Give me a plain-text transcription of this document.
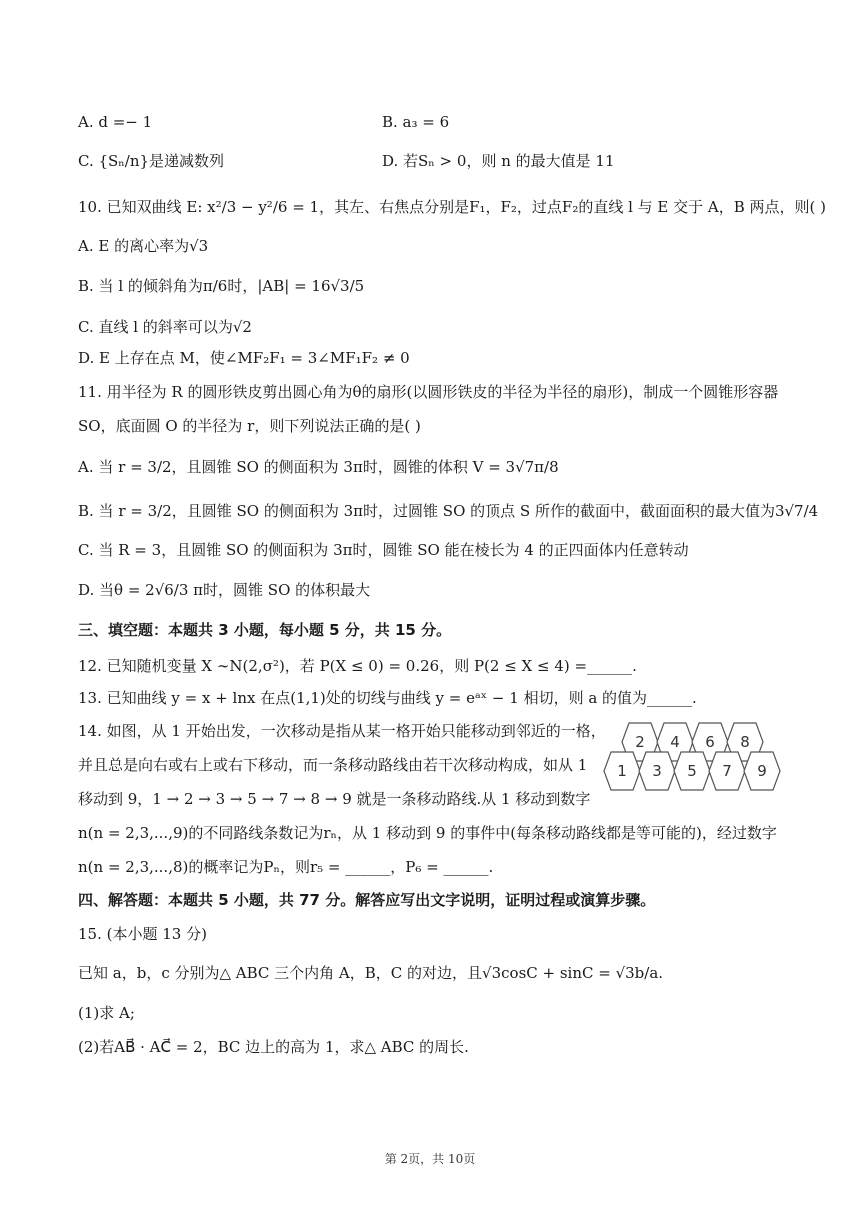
A. d =− 1	B. a₃ = 6
C. {Sₙ/n}是递减数列	D. 若Sₙ > 0，则 n 的最大值是 11
10. 已知双曲线 E: x²/3 − y²/6 = 1，其左、右焦点分别是F₁，F₂，过点F₂的直线 l 与 E 交于 A，B 两点，则( )
A. E 的离心率为√3
B. 当 l 的倾斜角为π/6时，|AB| = 16√3/5
C. 直线 l 的斜率可以为√2
D. E 上存在点 M，使∠MF₂F₁ = 3∠MF₁F₂ ≠ 0
11. 用半径为 R 的圆形铁皮剪出圆心角为θ的扇形(以圆形铁皮的半径为半径的扇形)，制成一个圆锥形容器
SO，底面圆 O 的半径为 r，则下列说法正确的是( )
A. 当 r = 3/2，且圆锥 SO 的侧面积为 3π时，圆锥的体积 V = 3√7π/8
B. 当 r = 3/2，且圆锥 SO 的侧面积为 3π时，过圆锥 SO 的顶点 S 所作的截面中，截面面积的最大值为3√7/4
C. 当 R = 3，且圆锥 SO 的侧面积为 3π时，圆锥 SO 能在棱长为 4 的正四面体内任意转动
D. 当θ = 2√6/3 π时，圆锥 SO 的体积最大
三、填空题：本题共 3 小题，每小题 5 分，共 15 分。
12. 已知随机变量 X ∼N(2,σ²)，若 P(X ≤ 0) = 0.26，则 P(2 ≤ X ≤ 4) =______.
13. 已知曲线 y = x + lnx 在点(1,1)处的切线与曲线 y = eᵃˣ − 1 相切，则 a 的值为______.
14. 如图，从 1 开始出发，一次移动是指从某一格开始只能移动到邻近的一格，
并且总是向右或右上或右下移动，而一条移动路线由若干次移动构成，如从 1
移动到 9，1 → 2 → 3 → 5 → 7 → 8 → 9 就是一条移动路线.从 1 移动到数字
n(n = 2,3,...,9)的不同路线条数记为rₙ，从 1 移动到 9 的事件中(每条移动路线都是等可能的)，经过数字
n(n = 2,3,...,8)的概率记为Pₙ，则r₅ = ______，P₆ = ______.
2 4 6 8
1 3 5 7 9
四、解答题：本题共 5 小题，共 77 分。解答应写出文字说明，证明过程或演算步骤。
15. (本小题 13 分)
已知 a，b，c 分别为△ ABC 三个内角 A，B，C 的对边，且√3cosC + sinC = √3b/a.
(1)求 A;
(2)若AB⃗ · AC⃗ = 2，BC 边上的高为 1，求△ ABC 的周长.
第 2页，共 10页
